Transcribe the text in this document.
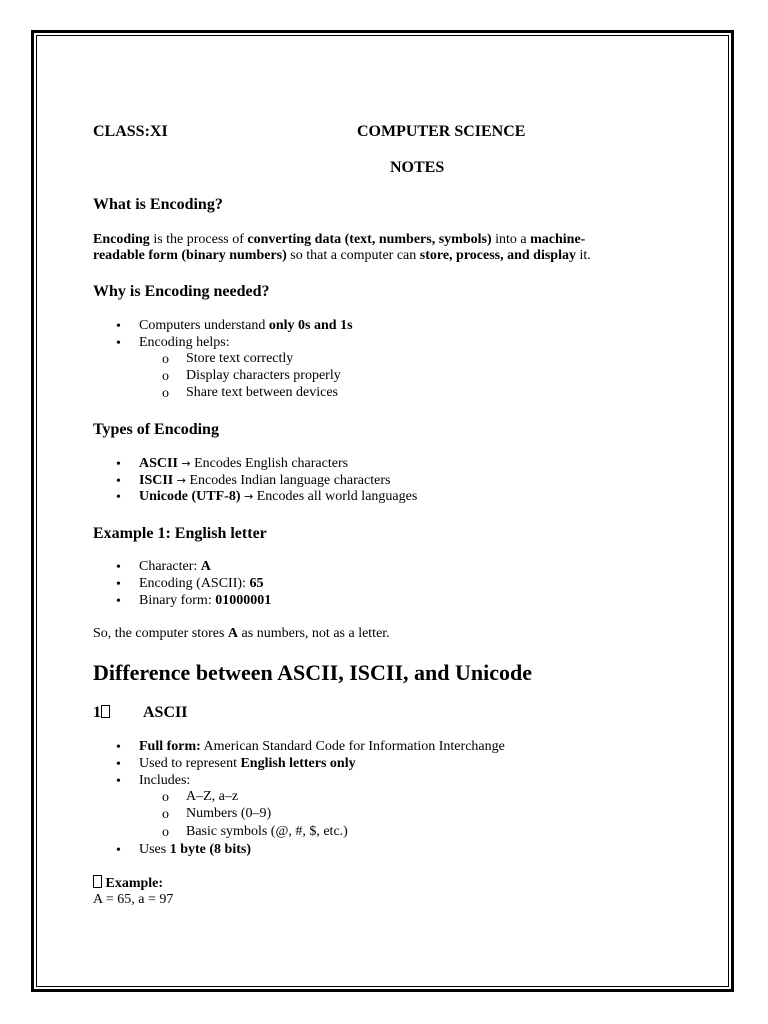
CLASS:XI	COMPUTER SCIENCE
NOTES
What is Encoding?
Encoding is the process of converting data (text, numbers, symbols) into a machine-
readable form (binary numbers) so that a computer can store, process, and display it.
Why is Encoding needed?
• Computers understand only 0s and 1s
• Encoding helps:
o Store text correctly
o Display characters properly
o Share text between devices
Types of Encoding
• ASCII → Encodes English characters
• ISCII → Encodes Indian language characters
• Unicode (UTF-8) → Encodes all world languages
Example 1: English letter
• Character: A
• Encoding (ASCII): 65
• Binary form: 01000001
So, the computer stores A as numbers, not as a letter.
Difference between ASCII, ISCII, and Unicode
1	ASCII
• Full form: American Standard Code for Information Interchange
• Used to represent English letters only
• Includes:
o A–Z, a–z
o Numbers (0–9)
o Basic symbols (@, #, $, etc.)
• Uses 1 byte (8 bits)
Example:
A = 65, a = 97
